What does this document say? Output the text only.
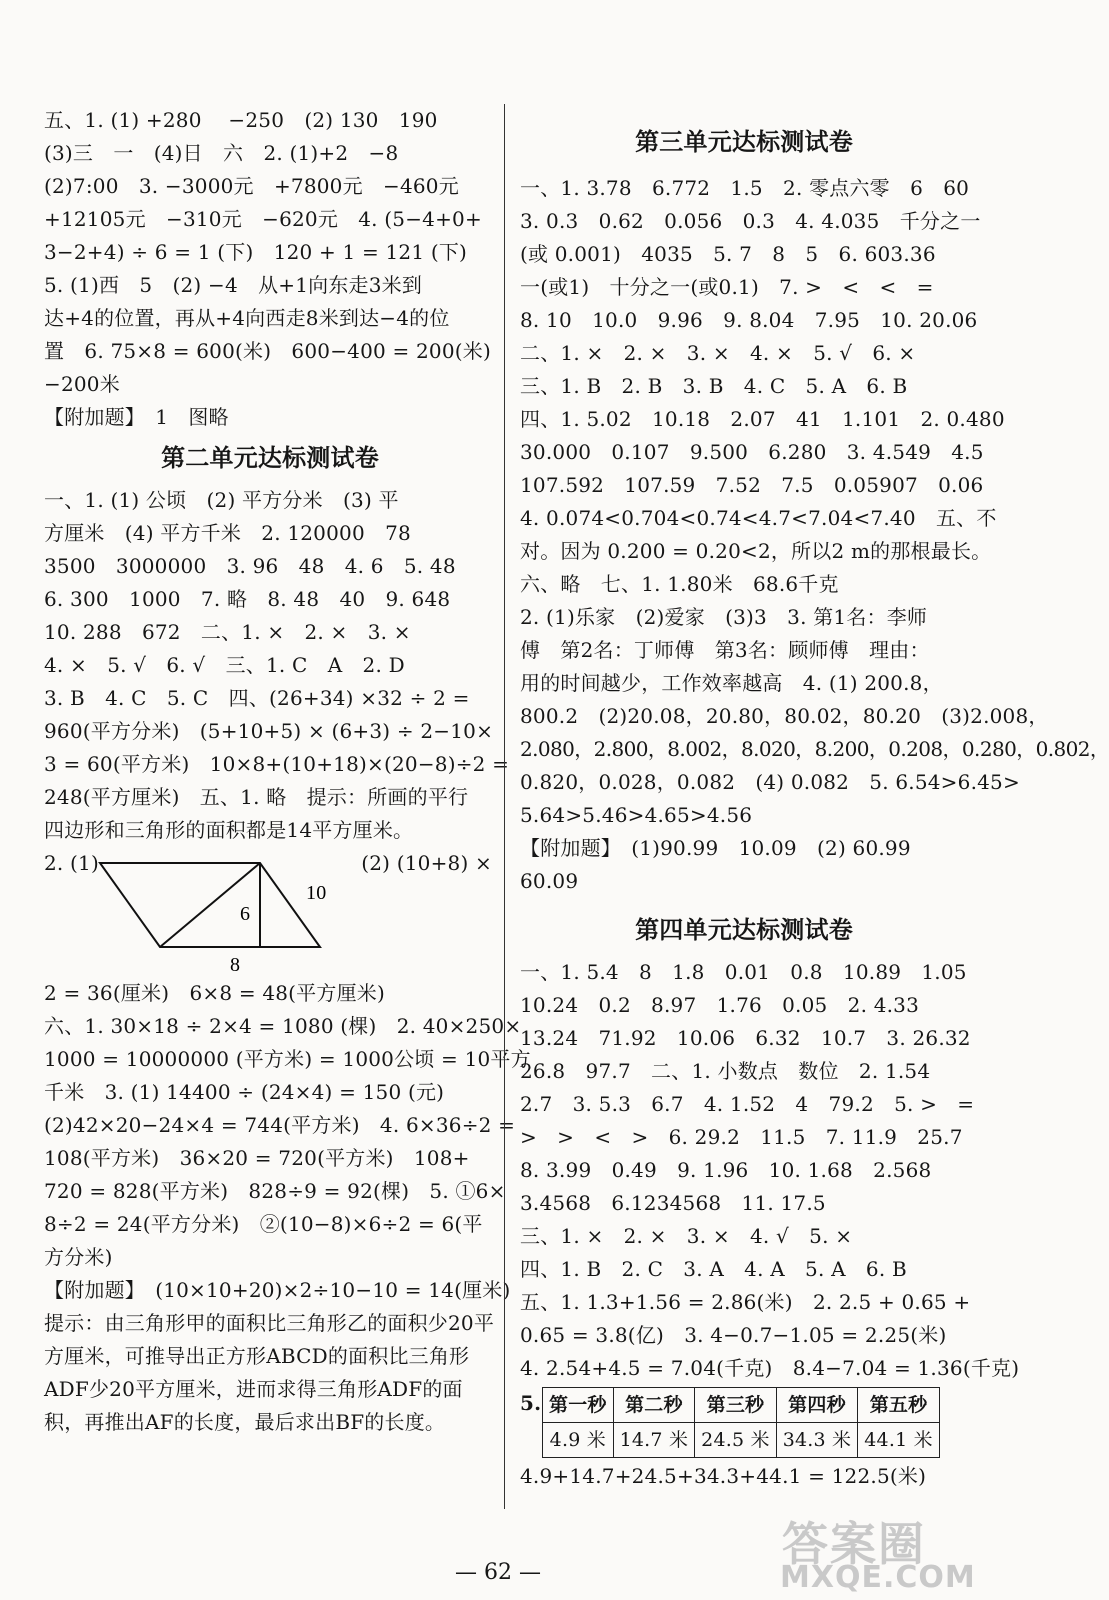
五、1. (1) +280　 −250　(2) 130　190
(3)三　一　(4)日　六　2. (1)+2　−8
(2)7:00　3. −3000元　+7800元　−460元
+12105元　−310元　−620元　4. (5−4+0+
3−2+4) ÷ 6 = 1 (下)　120 + 1 = 121 (下)
5. (1)西　5　(2) −4　从+1向东走3米到
达+4的位置，再从+4向西走8米到达−4的位
置　6. 75×8 = 600(米)　600−400 = 200(米)
−200米
【附加题】　1　图略
第二单元达标测试卷
一、1. (1) 公顷　(2) 平方分米　(3) 平
方厘米　(4) 平方千米　2. 120000　78
3500　3000000　3. 96　48　4. 6　5. 48
6. 300　1000　7. 略　8. 48　40　9. 648
10. 288　672　二、1. ×　2. ×　3. ×
4. ×　5. √　6. √　三、1. C　A　2. D
3. B　4. C　5. C　四、(26+34) ×32 ÷ 2 =
960(平方分米)　(5+10+5) × (6+3) ÷ 2−10×
3 = 60(平方米)　10×8+(10+18)×(20−8)÷2 =
248(平方厘米)　五、1. 略　提示：所画的平行
四边形和三角形的面积都是14平方厘米。
2. (1)
6
10
8
(2) (10+8) ×
2 = 36(厘米)　6×8 = 48(平方厘米)
六、1. 30×18 ÷ 2×4 = 1080 (棵)　2. 40×250×
1000 = 10000000 (平方米) = 1000公顷 = 10平方
千米　3. (1) 14400 ÷ (24×4) = 150 (元)
(2)42×20−24×4 = 744(平方米)　4. 6×36÷2 =
108(平方米)　36×20 = 720(平方米)　108+
720 = 828(平方米)　828÷9 = 92(棵)　5. ①6×
8÷2 = 24(平方分米)　②(10−8)×6÷2 = 6(平
方分米)
【附加题】　(10×10+20)×2÷10−10 = 14(厘米)
提示：由三角形甲的面积比三角形乙的面积少20平方厘米，可推导出正方形ABCD的面积比三角形ADF少20平方厘米，进而求得三角形ADF的面积，再推出AF的长度，最后求出BF的长度。
第三单元达标测试卷
一、1. 3.78　6.772　1.5　2. 零点六零　6　60
3. 0.3　0.62　0.056　0.3　4. 4.035　千分之一
(或 0.001)　4035　5. 7　8　5　6. 603.36
一(或1)　十分之一(或0.1)　7. >　<　<　=
8. 10　10.0　9.96　9. 8.04　7.95　10. 20.06
二、1. ×　2. ×　3. ×　4. ×　5. √　6. ×
三、1. B　2. B　3. B　4. C　5. A　6. B
四、1. 5.02　10.18　2.07　41　1.101　2. 0.480
30.000　0.107　9.500　6.280　3. 4.549　4.5
107.592　107.59　7.52　7.5　0.05907　0.06
4. 0.074<0.704<0.74<4.7<7.04<7.40　五、不
对。因为 0.200 = 0.20<2，所以2 m的那根最长。
六、略　七、1. 1.80米　68.6千克
2. (1)乐家　(2)爱家　(3)3　3. 第1名：李师
傅　第2名：丁师傅　第3名：顾师傅　理由：
用的时间越少，工作效率越高　4. (1) 200.8，
800.2　(2)20.08，20.80，80.02，80.20　(3)2.008，
2.080，2.800，8.002，8.020，8.200，0.208，0.280，0.802，
0.820，0.028，0.082　(4) 0.082　5. 6.54>6.45>
5.64>5.46>4.65>4.56
【附加题】　(1)90.99　10.09　(2) 60.99
60.09
第四单元达标测试卷
一、1. 5.4　8　1.8　0.01　0.8　10.89　1.05
10.24　0.2　8.97　1.76　0.05　2. 4.33
13.24　71.92　10.06　6.32　10.7　3. 26.32
26.8　97.7　二、1. 小数点　数位　2. 1.54
2.7　3. 5.3　6.7　4. 1.52　4　79.2　5. >　=
>　>　<　>　6. 29.2　11.5　7. 11.9　25.7
8. 3.99　0.49　9. 1.96　10. 1.68　2.568
3.4568　6.1234568　11. 17.5
三、1. ×　2. ×　3. ×　4. √　5. ×
四、1. B　2. C　3. A　4. A　5. A　6. B
五、1. 1.3+1.56 = 2.86(米)　2. 2.5 + 0.65 +
0.65 = 3.8(亿)　3. 4−0.7−1.05 = 2.25(米)
4. 2.54+4.5 = 7.04(千克)　8.4−7.04 = 1.36(千克)
5. 第一秒	第二秒	第三秒	第四秒	第五秒
4.9 米	14.7 米	24.5 米	34.3 米	44.1 米
4.9+14.7+24.5+34.3+44.1 = 122.5(米)
— 62 —
答案圈
MXQE.COM
